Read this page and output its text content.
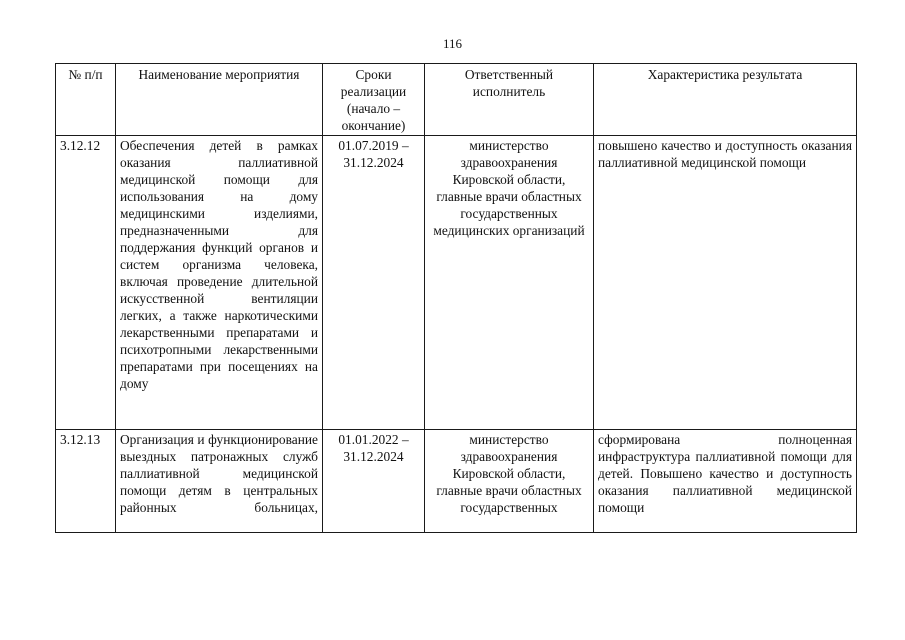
116
№ п/п	Наименование мероприятия	Сроки реализации (начало – окончание)	Ответственный исполнитель	Характеристика результата
3.12.12	Обеспечения детей в рамках оказания паллиативной медицинской помощи для использования на дому медицинскими изделиями, предназначенными для поддержания функций органов и систем организма человека, включая проведение длительной искусственной вентиляции легких, а также наркотическими лекарственными препаратами и психотропными лекарственными препаратами при посещениях на дому	01.07.2019 – 31.12.2024	министерство здравоохранения Кировской области, главные врачи областных государственных медицинских организаций	повышено качество и доступность оказания паллиативной медицинской помощи
3.12.13	Организация и функционирование выездных патронажных служб паллиативной медицинской помощи детям в центральных районных больницах,	01.01.2022 – 31.12.2024	министерство здравоохранения Кировской области, главные врачи областных государственных	сформирована полноценная инфраструктура паллиативной помощи для детей. Повышено качество и доступность оказания паллиативной медицинской помощи
